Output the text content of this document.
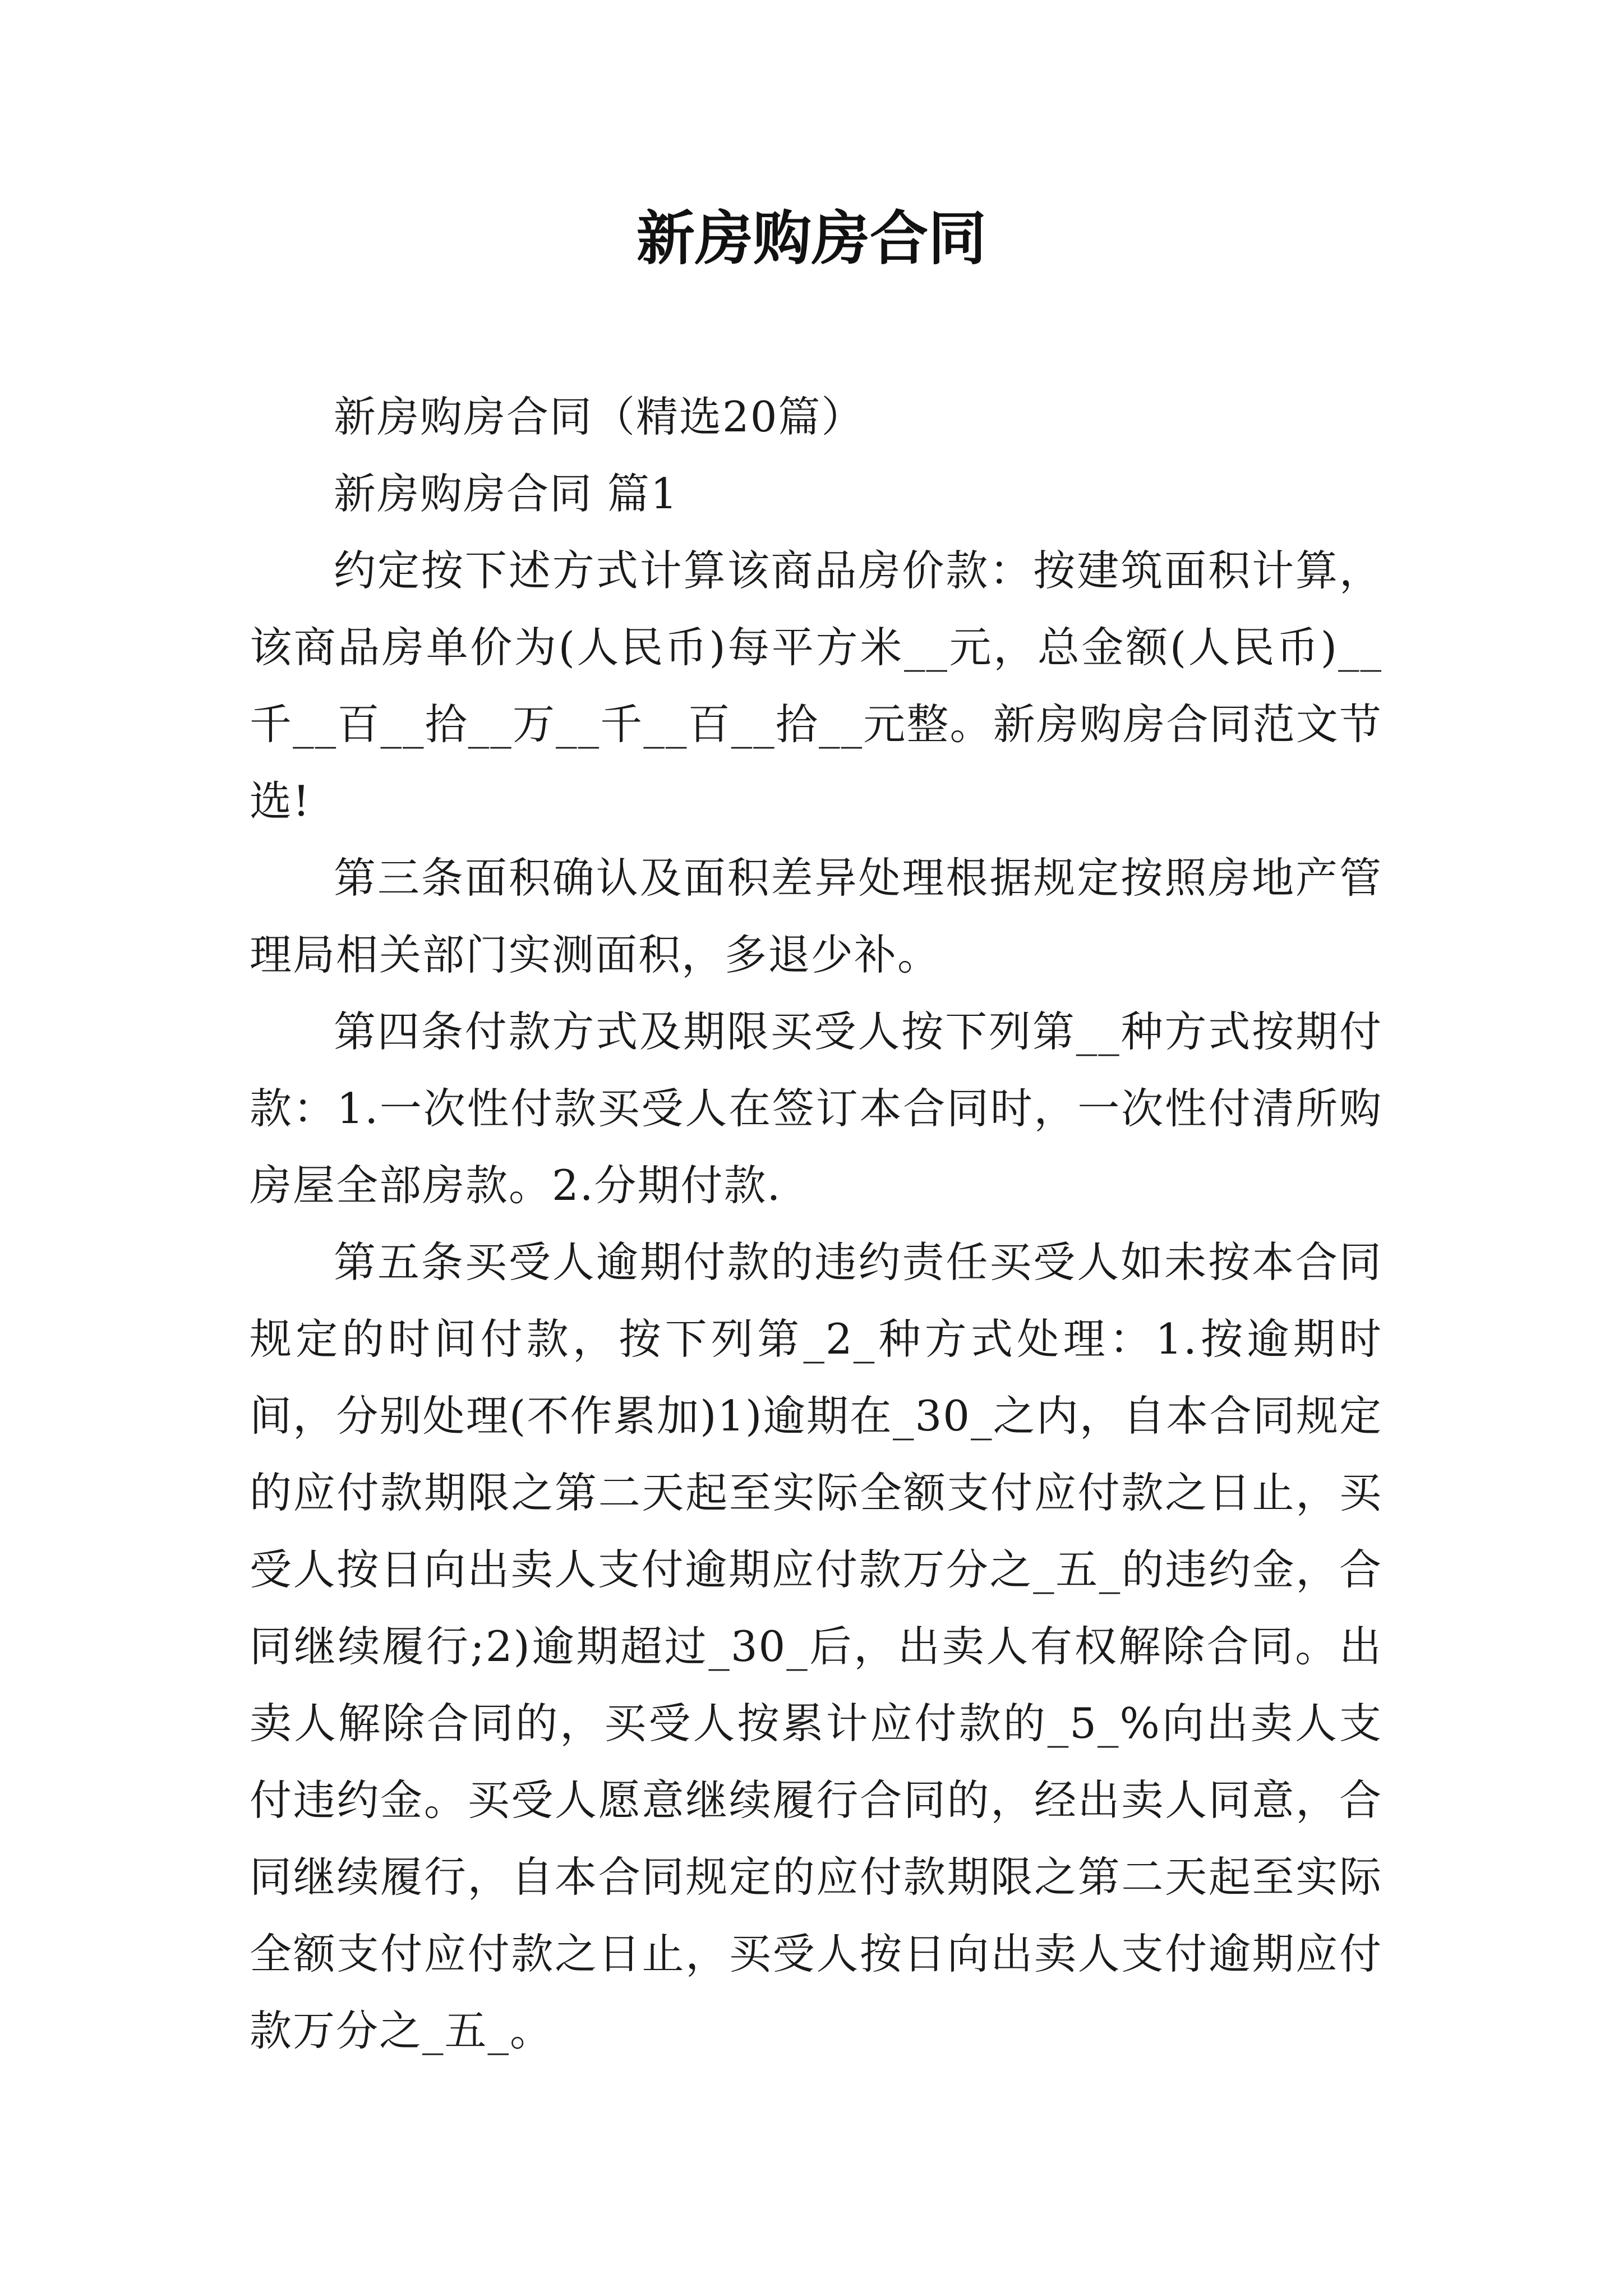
新房购房合同

新房购房合同（精选20篇）

新房购房合同 篇1

约定按下述方式计算该商品房价款：按建筑面积计算，该商品房单价为(人民币)每平方米__元，总金额(人民币)__千__百__拾__万__千__百__拾__元整。新房购房合同范文节选!

第三条面积确认及面积差异处理根据规定按照房地产管理局相关部门实测面积，多退少补。

第四条付款方式及期限买受人按下列第__种方式按期付款：1.一次性付款买受人在签订本合同时，一次性付清所购房屋全部房款。2.分期付款.

第五条买受人逾期付款的违约责任买受人如未按本合同规定的时间付款，按下列第_2_种方式处理：1.按逾期时间，分别处理(不作累加)1)逾期在_30_之内，自本合同规定的应付款期限之第二天起至实际全额支付应付款之日止，买受人按日向出卖人支付逾期应付款万分之_五_的违约金，合同继续履行;2)逾期超过_30_后，出卖人有权解除合同。出卖人解除合同的，买受人按累计应付款的_5_%向出卖人支付违约金。买受人愿意继续履行合同的，经出卖人同意，合同继续履行，自本合同规定的应付款期限之第二天起至实际全额支付应付款之日止，买受人按日向出卖人支付逾期应付款万分之_五_。
